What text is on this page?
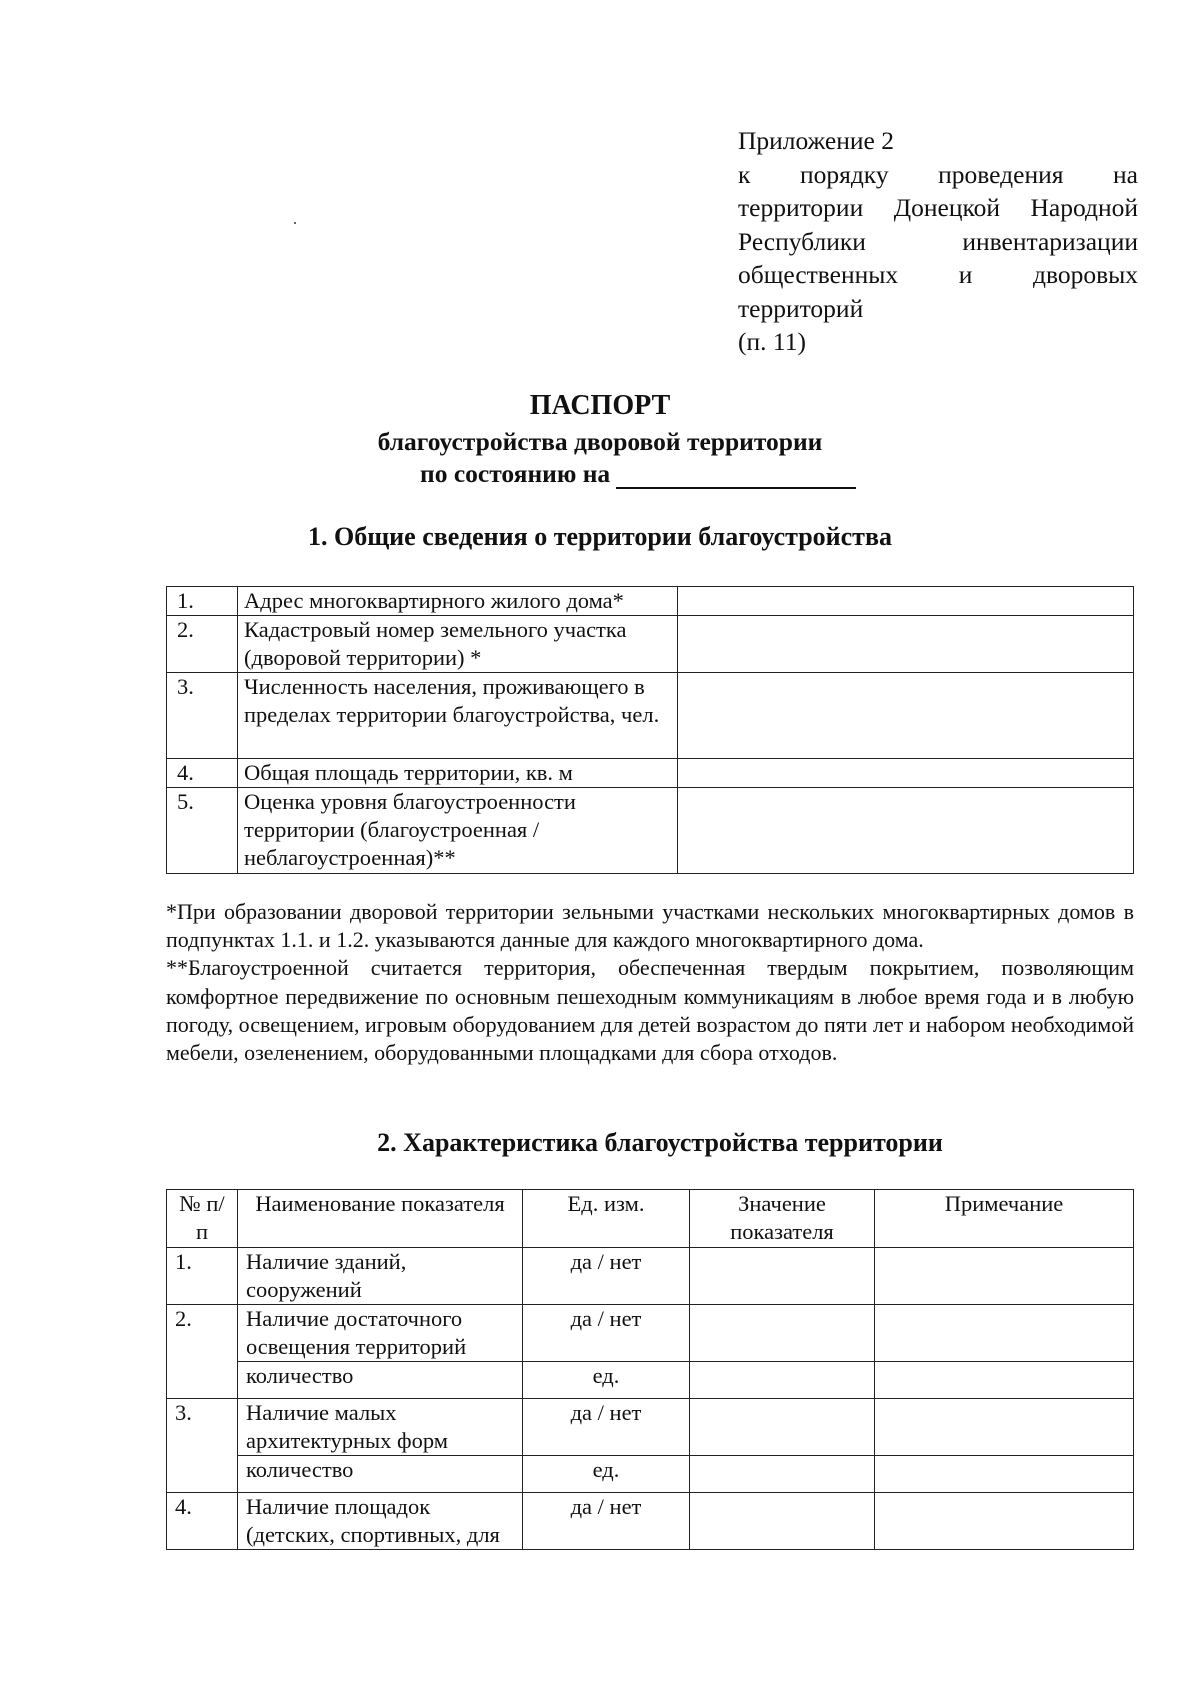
Приложение 2
к порядку проведения на
территории Донецкой Народной
Республики инвентаризации
общественных и дворовых
территорий
(п. 11)
ПАСПОРТ
благоустройства дворовой территории
по состоянию на
1. Общие сведения о территории благоустройства
1.	Адрес многоквартирного жилого дома*	
2.	Кадастровый номер земельного участка (дворовой территории) *	
3.	Численность населения, проживающего в пределах территории благоустройства, чел.	
4.	Общая площадь территории, кв. м	
5.	Оценка уровня благоустроенности территории (благоустроенная / неблагоустроенная)**	

*При образовании дворовой территории зельными участками нескольких многоквартирных домов в подпунктах 1.1. и 1.2. указываются данные для каждого многоквартирного дома.

**Благоустроенной считается территория, обеспеченная твердым покрытием, позволяющим комфортное передвижение по основным пешеходным коммуникациям в любое время года и в любую погоду, освещением, игровым оборудованием для детей возрастом до пяти лет и набором необходимой мебели, озеленением, оборудованными площадками для сбора отходов.

2. Характеристика благоустройства территории
№ п/п	Наименование показателя	Ед. изм.	Значение показателя	Примечание
1.	Наличие зданий, сооружений	да / нет		
2.	Наличие достаточного освещения территорий	да / нет		
	количество	ед.		
3.	Наличие малых архитектурных форм	да / нет		
	количество	ед.		
4.	Наличие площадок (детских, спортивных, для	да / нет		
